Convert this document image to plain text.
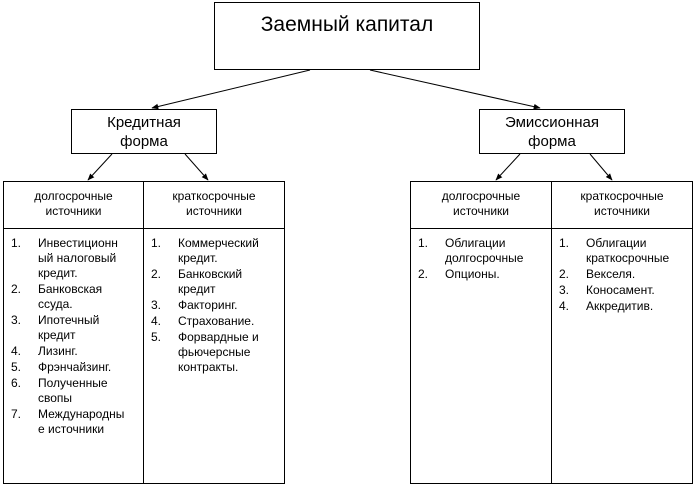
Заемный капитал
Кредитная
форма
Эмиссионная
форма
долгосрочные
источники
краткосрочные
источники
долгосрочные
источники
краткосрочные
источники
1. Инвестиционн
ый налоговый
кредит.
2. Банковская
ссуда.
3. Ипотечный
кредит
4. Лизинг.
5. Фрэнчайзинг.
6. Полученные
свопы
7. Международны
е источники
1. Коммерческий
кредит.
2. Банковский
кредит
3. Факторинг.
4. Страхование.
5. Форвардные и
фьючерсные
контракты.
1. Облигации
долгосрочные
2. Опционы.
1. Облигации
краткосрочные
2. Векселя.
3. Коносамент.
4. Аккредитив.
